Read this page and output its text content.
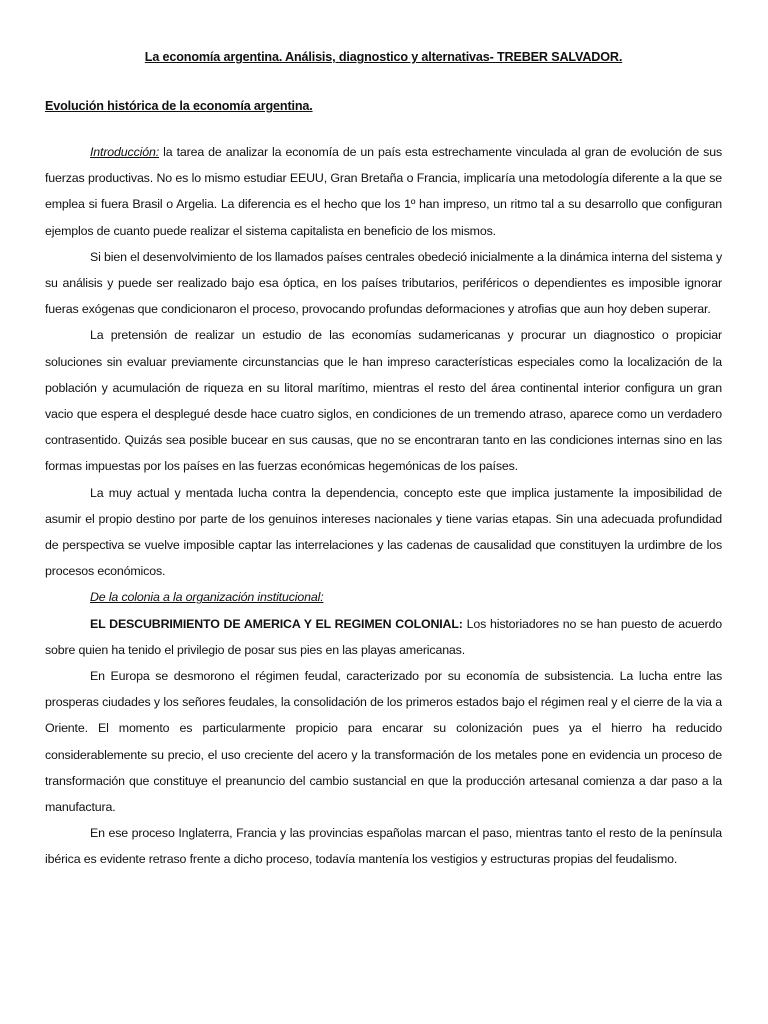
La economía argentina. Análisis, diagnostico y alternativas- TREBER SALVADOR.
Evolución histórica de la economía argentina.

Introducción: la tarea de analizar la economía de un país esta estrechamente vinculada al gran de evolución de sus fuerzas productivas. No es lo mismo estudiar EEUU, Gran Bretaña o Francia, implicaría una metodología diferente a la que se emplea si fuera Brasil o Argelia. La diferencia es el hecho que los 1º han impreso, un ritmo tal a su desarrollo que configuran ejemplos de cuanto puede realizar el sistema capitalista en beneficio de los mismos.

Si bien el desenvolvimiento de los llamados países centrales obedeció inicialmente a la dinámica interna del sistema y su análisis y puede ser realizado bajo esa óptica, en los países tributarios, periféricos o dependientes es imposible ignorar fueras exógenas que condicionaron el proceso, provocando profundas deformaciones y atrofias que aun hoy deben superar.

La pretensión de realizar un estudio de las economías sudamericanas y procurar un diagnostico o propiciar soluciones sin evaluar previamente circunstancias que le han impreso características especiales como la localización de la población y acumulación de riqueza en su litoral marítimo, mientras el resto del área continental interior configura un gran vacio que espera el desplegué desde hace cuatro siglos, en condiciones de un tremendo atraso, aparece como un verdadero contrasentido. Quizás sea posible bucear en sus causas, que no se encontraran tanto en las condiciones internas sino en las formas impuestas por los países en las fuerzas económicas hegemónicas de los países.

La muy actual y mentada lucha contra la dependencia, concepto este que implica justamente la imposibilidad de asumir el propio destino por parte de los genuinos intereses nacionales y tiene varias etapas. Sin una adecuada profundidad de perspectiva se vuelve imposible captar las interrelaciones y las cadenas de causalidad que constituyen la urdimbre de los procesos económicos.

De la colonia a la organización institucional:

EL DESCUBRIMIENTO DE AMERICA Y EL REGIMEN COLONIAL: Los historiadores no se han puesto de acuerdo sobre quien ha tenido el privilegio de posar sus pies en las playas americanas.

En Europa se desmorono el régimen feudal, caracterizado por su economía de subsistencia. La lucha entre las prosperas ciudades y los señores feudales, la consolidación de los primeros estados bajo el régimen real y el cierre de la via a Oriente. El momento es particularmente propicio para encarar su colonización pues ya el hierro ha reducido considerablemente su precio, el uso creciente del acero y la transformación de los metales pone en evidencia un proceso de transformación que constituye el preanuncio del cambio sustancial en que la producción artesanal comienza a dar paso a la manufactura.

En ese proceso Inglaterra, Francia y las provincias españolas marcan el paso, mientras tanto el resto de la península ibérica es evidente retraso frente a dicho proceso, todavía mantenía los vestigios y estructuras propias del feudalismo.
